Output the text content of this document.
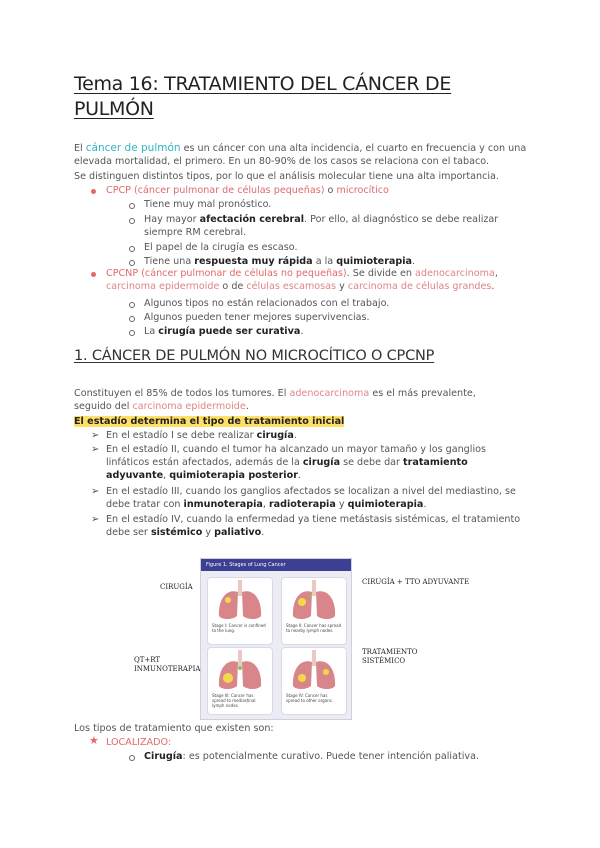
Tema 16: TRATAMIENTO DEL CÁNCER DE PULMÓN
El cáncer de pulmón es un cáncer con una alta incidencia, el cuarto en frecuencia y con una elevada mortalidad, el primero. En un 80-90% de los casos se relaciona con el tabaco.
Se distinguen distintos tipos, por lo que el análisis molecular tiene una alta importancia.
CPCP (cáncer pulmonar de células pequeñas) o microcítico
Tiene muy mal pronóstico.
Hay mayor afectación cerebral. Por ello, al diagnóstico se debe realizar siempre RM cerebral.
El papel de la cirugía es escaso.
Tiene una respuesta muy rápida a la quimioterapia.
CPCNP (cáncer pulmonar de células no pequeñas). Se divide en adenocarcinoma, carcinoma epidermoide o de células escamosas y carcinoma de células grandes.
Algunos tipos no están relacionados con el trabajo.
Algunos pueden tener mejores supervivencias.
La cirugía puede ser curativa.
1. CÁNCER DE PULMÓN NO MICROCÍTICO O CPCNP
Constituyen el 85% de todos los tumores. El adenocarcinoma es el más prevalente, seguido del carcinoma epidermoide.
El estadío determina el tipo de tratamiento inicial
➢ En el estadío I se debe realizar cirugía.
➢ En el estadío II, cuando el tumor ha alcanzado un mayor tamaño y los ganglios linfáticos están afectados, además de la cirugía se debe dar tratamiento adyuvante, quimioterapia posterior.
➢ En el estadío III, cuando los ganglios afectados se localizan a nivel del mediastino, se debe tratar con inmunoterapia, radioterapia y quimioterapia.
➢ En el estadío IV, cuando la enfermedad ya tiene metástasis sistémicas, el tratamiento debe ser sistémico y paliativo.
Figure 1. Stages of Lung Cancer
Stage I: Cancer is confined to the lung.
Stage II: Cancer has spread to nearby lymph nodes.
Stage III: Cancer has spread to mediastinal lymph nodes.
Stage IV: Cancer has spread to other organs.
CIRUGÍA
CIRUGÍA + TTO ADYUVANTE
QT+RT
INMUNOTERAPIA
TRATAMIENTO
SISTÉMICO
Los tipos de tratamiento que existen son:
★ LOCALIZADO:
Cirugía: es potencialmente curativo. Puede tener intención paliativa.
